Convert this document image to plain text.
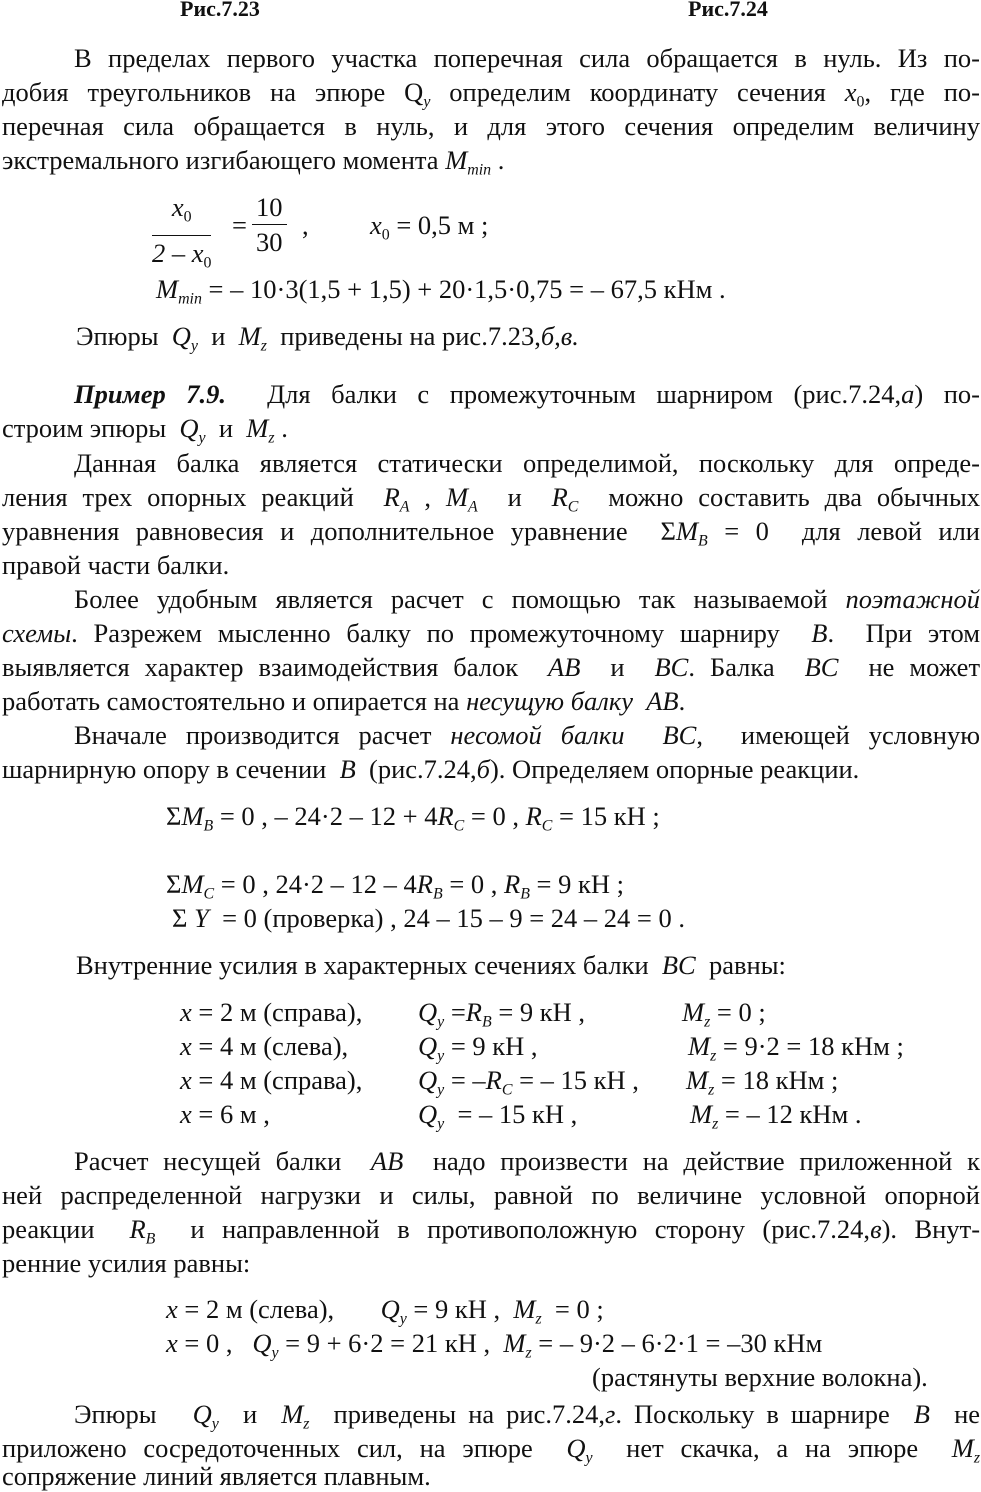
Рис.7.23	Рис.7.24
В пределах первого участка поперечная сила обращается в нуль. Из по-
добия треугольников на эпюре $Q_y$ определим координату сечения $x_0$, где по-
перечная сила обращается в нуль, и для этого сечения определим величину
экстремального изгибающего момента $M_{min}$ .
$\frac{x_0}{2 - x_0} = \frac{10}{30}$ , $x_0 = 0,5$ м ;
$M_{min}$ = – 10·3(1,5 + 1,5) + 20·1,5·0,75 = – 67,5 кНм .
Эпюры $Q_y$ и $M_z$ приведены на рис.7.23,б,в.
Пример 7.9. Для балки с промежуточным шарниром (рис.7.24,а) по-
строим эпюры $Q_y$  и  $M_z$ .
Данная балка является статически определимой, поскольку для опреде-
ления трех опорных реакций $R_A$ , $M_A$  и  $R_C$ можно составить два обычных
уравнения равновесия и дополнительное уравнение  $\Sigma M_B = 0$  для левой или
правой части балки.
Более удобным является расчет с помощью так называемой поэтажной
схемы. Разрежем мысленно балку по промежуточному шарниру B.  При этом
выявляется характер взаимодействия балок AB  и  BC. Балка BC не может
работать самостоятельно и опирается на несущую балку AB.
Вначале производится расчет несомой балки BC,  имеющей условную
шарнирную опору в сечении B (рис.7.24,б). Определяем опорные реакции.
$\Sigma M_B = 0$ , – $24\cdot 2 - 12 + 4R_C = 0$ , $R_C = 15$ кН ;
$\Sigma M_C = 0$ , $24\cdot 2 - 12 - 4R_B = 0$ , $R_B = 9$ кН ;
Σ Y = 0 (проверка) , 24 – 15 – 9 = 24 – 24 = 0 .
Внутренние усилия в характерных сечениях балки BC  равны:
x = 2 м (справа), $Q_y =R_B = 9$ кН ,	$M_z = 0$ ;
x = 4 м (слева),	$Q_y = 9$ кН ,	$M_z = 9\cdot 2 = 18$ кНм ;
x = 4 м (справа), $Q_y = -R_C$ = – 15 кН , $M_z = 18$ кНм ;
x = 6 м ,	$Q_y$ = – 15 кН ,	$M_z$ = – 12 кНм .
Расчет несущей балки AB надо произвести на действие приложенной к
ней распределенной нагрузки и силы, равной по величине условной опорной
реакции $R_B$ и направленной в противоположную сторону (рис.7.24,в). Внут-
ренние усилия равны:
x = 2 м (слева), $Q_y = 9$ кН , $M_z = 0$ ;
x = 0 , $Q_y = 9 + 6\cdot 2 = 21$ кН , $M_z$ = – 9·2 – 6·2·1 = –30 кНм
(растянуты верхние волокна).
Эпюры $Q_y$  и  $M_z$ приведены на рис.7.24,г. Поскольку в шарнире B не
приложено сосредоточенных сил, на эпюре $Q_y$ нет скачка, а на эпюре $M_z$
сопряжение линий является плавным.
